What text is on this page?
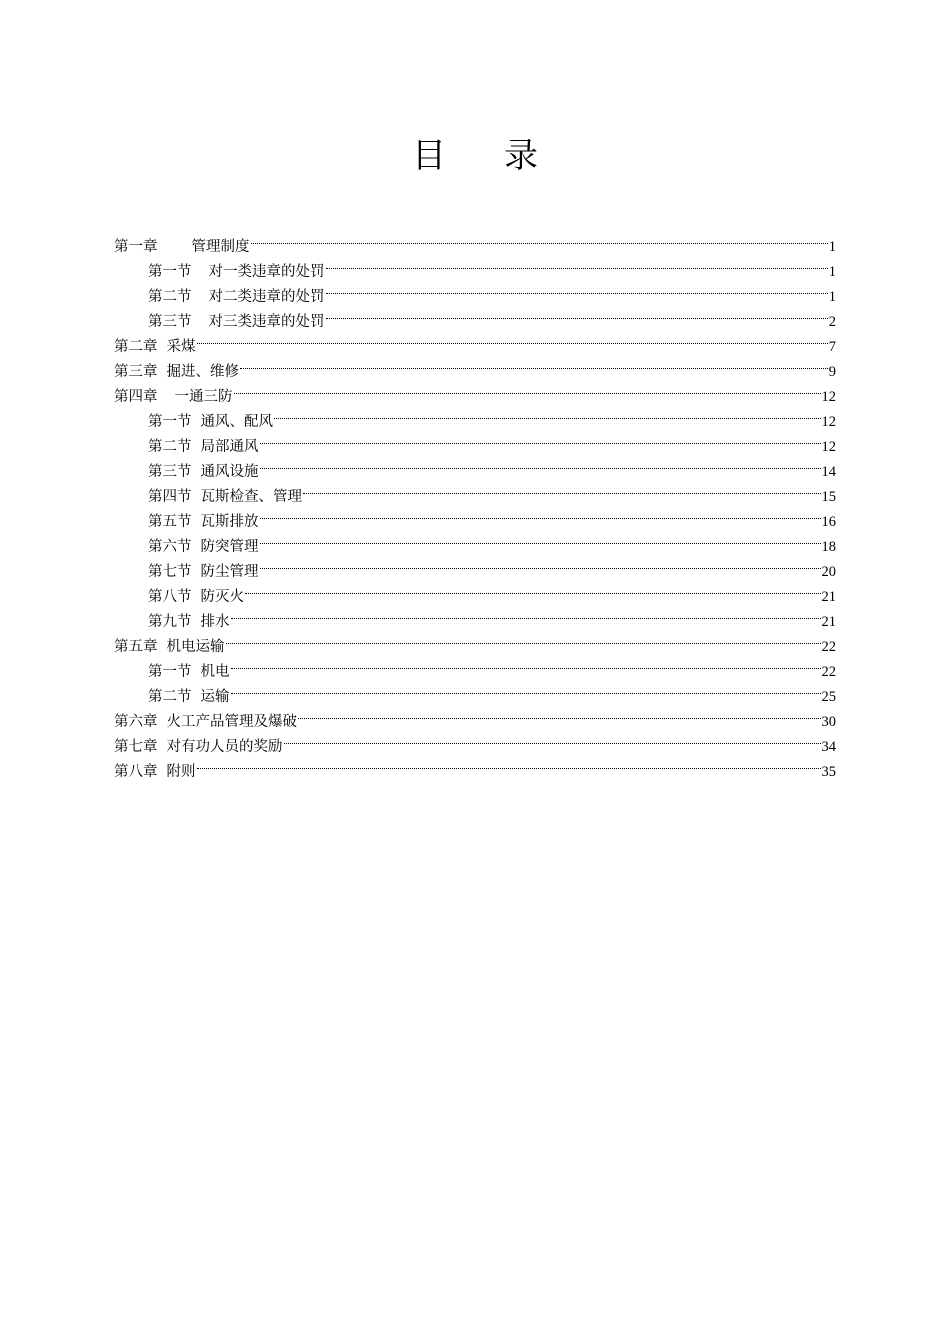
目 录
第一章 管理制度	1
第一节 对一类违章的处罚	1
第二节 对二类违章的处罚	1
第三节 对三类违章的处罚	2
第二章 采煤	7
第三章 掘进、维修	9
第四章 一通三防	12
第一节 通风、配风	12
第二节 局部通风	12
第三节 通风设施	14
第四节 瓦斯检查、管理	15
第五节 瓦斯排放	16
第六节 防突管理	18
第七节 防尘管理	20
第八节 防灭火	21
第九节 排水	21
第五章 机电运输	22
第一节 机电	22
第二节 运输	25
第六章 火工产品管理及爆破	30
第七章 对有功人员的奖励	34
第八章 附则	35
